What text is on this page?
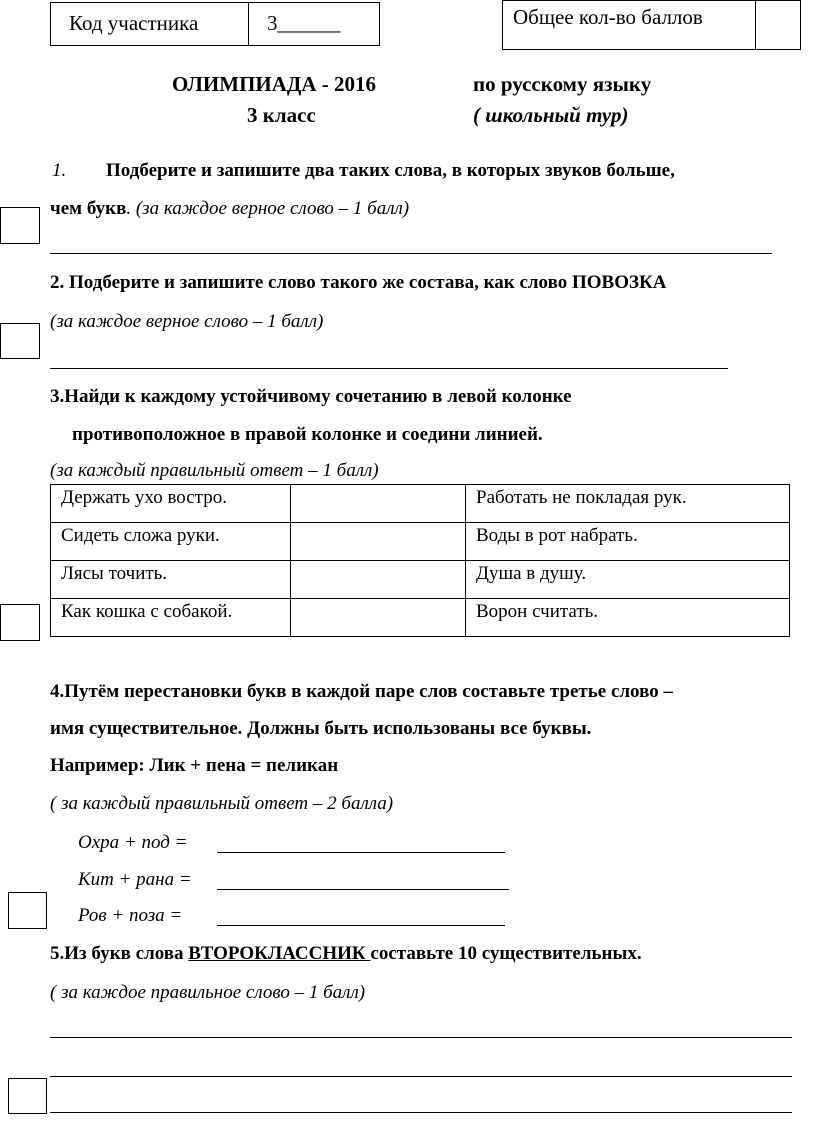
Код участника	3______	Общее кол-во баллов
ОЛИМПИАДА - 2016	по русскому языку
3 класс	( школьный тур)
1. Подберите и запишите два таких слова, в которых звуков больше,
чем букв. (за каждое верное слово – 1 балл)
2. Подберите и запишите слово такого же состава, как слово ПОВОЗКА
(за каждое верное слово – 1 балл)
3.Найди к каждому устойчивому сочетанию в левой колонке
противоположное в правой колонке и соедини линией.
(за каждый правильный ответ – 1 балл)
Держать ухо востро.		Работать не покладая рук.
Сидеть сложа руки.		Воды в рот набрать.
Лясы точить.		Душа в душу.
Как кошка с собакой.		Ворон считать.
4.Путём перестановки букв в каждой паре слов составьте третье слово –
имя существительное. Должны быть использованы все буквы.
Например: Лик + пена = пеликан
( за каждый правильный ответ – 2 балла)
Охра + под =
Кит + рана =
Ров + поза =
5.Из букв слова ВТОРОКЛАССНИК составьте 10 существительных.
( за каждое правильное слово – 1 балл)
